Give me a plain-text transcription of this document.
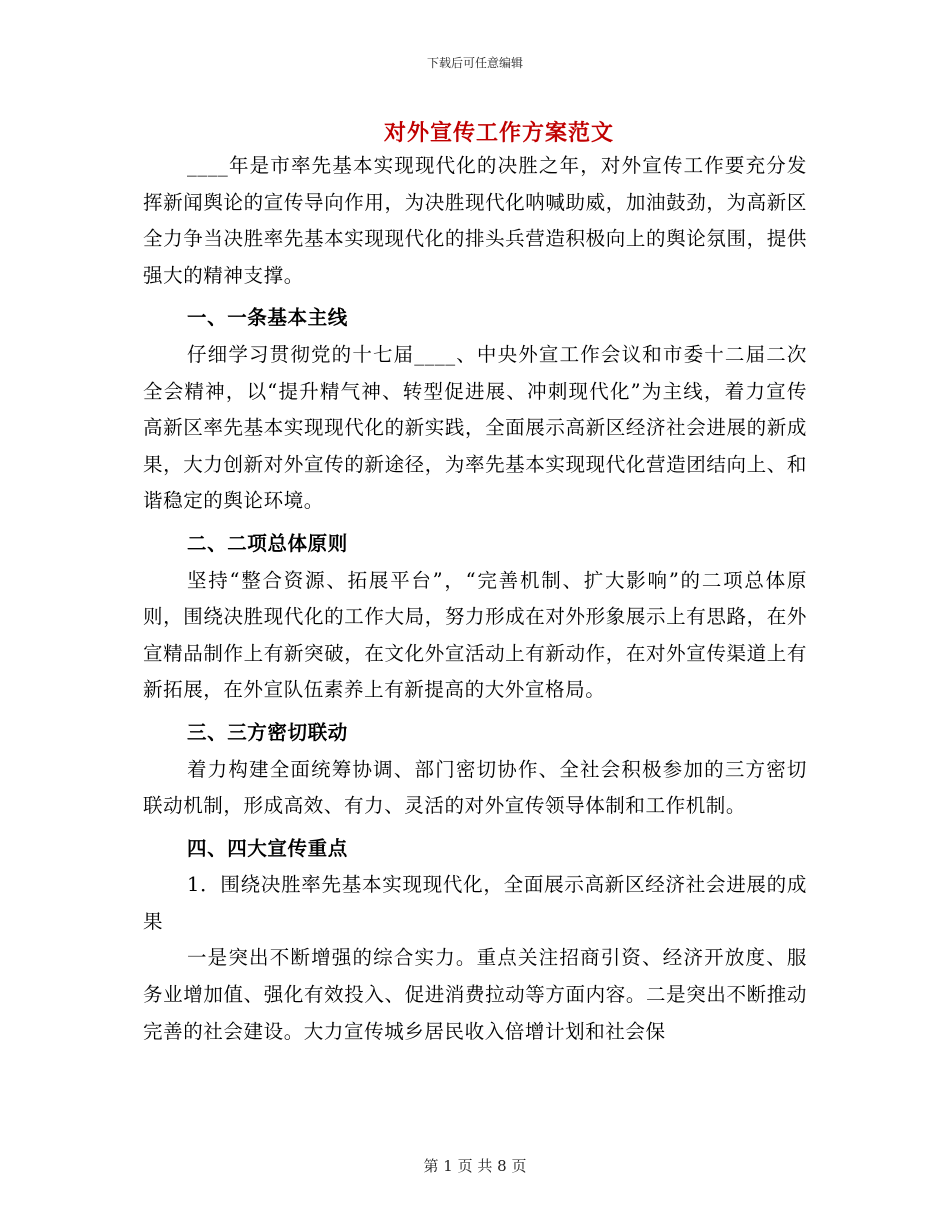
下载后可任意编辑
对外宣传工作方案范文

____年是市率先基本实现现代化的决胜之年，对外宣传工作要充分发挥新闻舆论的宣传导向作用，为决胜现代化呐喊助威，加油鼓劲，为高新区全力争当决胜率先基本实现现代化的排头兵营造积极向上的舆论氛围，提供强大的精神支撑。

一、一条基本主线

仔细学习贯彻党的十七届____、中央外宣工作会议和市委十二届二次全会精神，以“提升精气神、转型促进展、冲刺现代化”为主线，着力宣传高新区率先基本实现现代化的新实践，全面展示高新区经济社会进展的新成果，大力创新对外宣传的新途径，为率先基本实现现代化营造团结向上、和谐稳定的舆论环境。

二、二项总体原则

坚持“整合资源、拓展平台”，“完善机制、扩大影响”的二项总体原则，围绕决胜现代化的工作大局，努力形成在对外形象展示上有思路，在外宣精品制作上有新突破，在文化外宣活动上有新动作，在对外宣传渠道上有新拓展，在外宣队伍素养上有新提高的大外宣格局。

三、三方密切联动

着力构建全面统筹协调、部门密切协作、全社会积极参加的三方密切联动机制，形成高效、有力、灵活的对外宣传领导体制和工作机制。

四、四大宣传重点

1．围绕决胜率先基本实现现代化，全面展示高新区经济社会进展的成果

一是突出不断增强的综合实力。重点关注招商引资、经济开放度、服务业增加值、强化有效投入、促进消费拉动等方面内容。二是突出不断推动完善的社会建设。大力宣传城乡居民收入倍增计划和社会保

第 1 页 共 8 页
